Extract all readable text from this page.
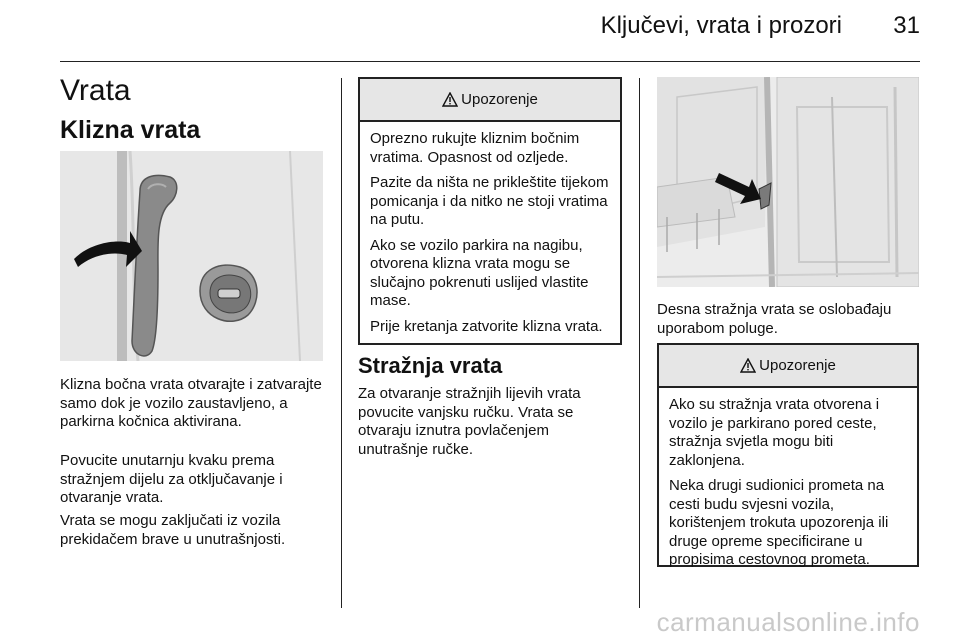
Ključevi, vrata i prozori 31
Vrata
Klizna vrata
Klizna bočna vrata otvarajte i zatvarajte samo dok je vozilo zaustavljeno, a parkirna kočnica aktivirana.
Povucite unutarnju kvaku prema stražnjem dijelu za otključavanje i otvaranje vrata.
Vrata se mogu zaključati iz vozila prekidačem brave u unutrašnjosti.
Upozorenje
Oprezno rukujte kliznim bočnim vratima. Opasnost od ozljede.
Pazite da ništa ne prikleštite tijekom pomicanja i da nitko ne stoji vratima na putu.
Ako se vozilo parkira na nagibu, otvorena klizna vrata mogu se slučajno pokrenuti uslijed vlastite mase.
Prije kretanja zatvorite klizna vrata.
Stražnja vrata
Za otvaranje stražnjih lijevih vrata povucite vanjsku ručku. Vrata se otvaraju iznutra povlačenjem unutrašnje ručke.
Desna stražnja vrata se oslobađaju uporabom poluge.
Upozorenje
Ako su stražnja vrata otvorena i vozilo je parkirano pored ceste, stražnja svjetla mogu biti zaklonjena.
Neka drugi sudionici prometa na cesti budu svjesni vozila, korištenjem trokuta upozorenja ili druge opreme specificirane u propisima cestovnog prometa.
carmanualsonline.info
